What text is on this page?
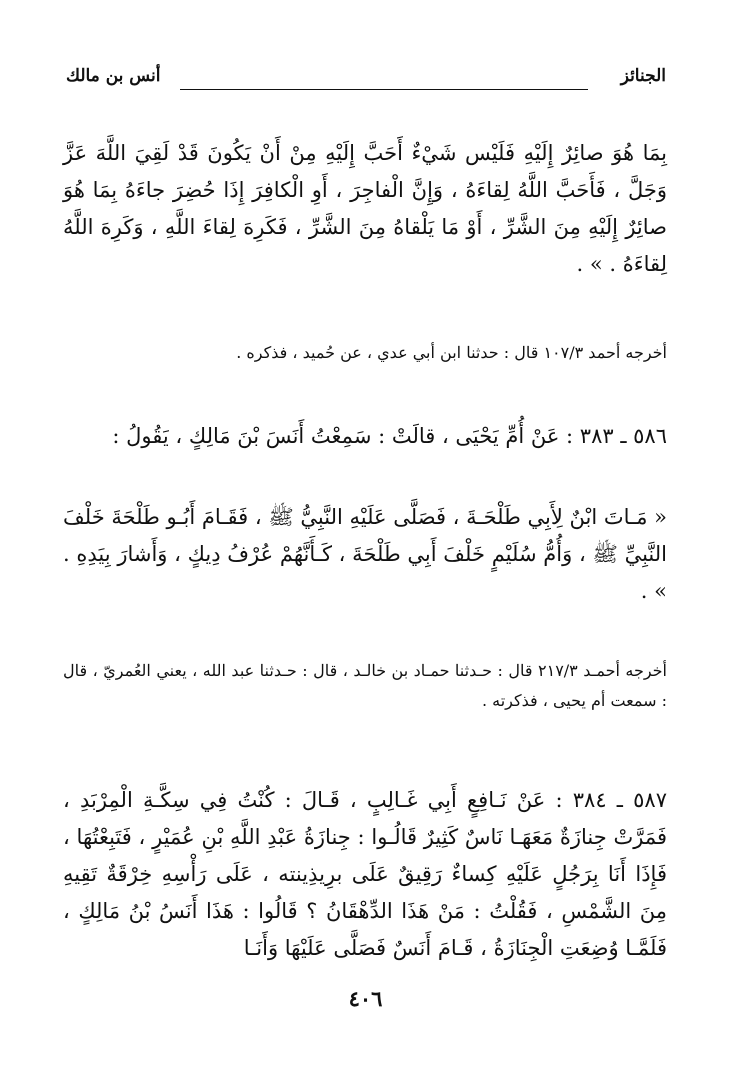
الجنائز
أنس بن مالك

بِمَا هُوَ صائِرٌ إِلَيْهِ فَلَيْس شَيْءٌ أَحَبَّ إِلَيْهِ مِنْ أَنْ يَكُونَ قَدْ لَقِيَ اللَّهَ عَزَّ وَجَلَّ ، فَأَحَبَّ اللَّهُ لِقاءَهُ ، وَإِنَّ الْفاجِرَ ، أَوِ الْكافِرَ إِذَا حُضِرَ جاءَهُ بِمَا هُوَ صائِرٌ إِلَيْهِ مِنَ الشَّرِّ ، أَوْ مَا يَلْقاهُ مِنَ الشَّرِّ ، فَكَرِهَ لِقاءَ اللَّهِ ، وَكَرِهَ اللَّهُ لِقاءَهُ . » .

أخرجه أحمد ١٠٧/٣ قال : حدثنا ابن أبي عدي ، عن حُميد ، فذكره .

٥٨٦ ـ ٣٨٣ : عَنْ أُمِّ يَحْيَى ، قالَتْ : سَمِعْتُ أَنَسَ بْنَ مَالِكٍ ، يَقُولُ :

« مَـاتَ ابْنٌ لِأَبِي طَلْحَـةَ ، فَصَلَّى عَلَيْهِ النَّبِيُّ ﷺ ، فَقَـامَ أَبُـو طَلْحَةَ خَلْفَ النَّبِيِّ ﷺ ، وَأُمُّ سُلَيْمٍ خَلْفَ أَبِي طَلْحَةَ ، كَـأَنَّهُمْ عُرْفُ دِيكٍ ، وَأَشارَ بِيَدِهِ . » .

أخرجه أحمـد ٢١٧/٣ قال : حـدثنا حمـاد بن خالـد ، قال : حـدثنا عبد الله ، يعني العُمريّ ، قال : سمعت أم يحيى ، فذكرته .

٥٨٧ ـ ٣٨٤ : عَنْ نَـافِعٍ أَبِي غَـالِبٍ ، قَـالَ : كُنْتُ فِي سِكَّـةِ الْمِرْبَدِ ، فَمَرَّتْ جِنازَةٌ مَعَهَـا نَاسٌ كَثِيرٌ قَالُـوا : جِنازَةُ عَبْدِ اللَّهِ بْنِ عُمَيْرٍ ، فَتَبِعْتُهَا ، فَإِذَا أَنَا بِرَجُلٍ عَلَيْهِ كِساءٌ رَقِيقٌ عَلَى برِيذِينته ، عَلَى رَأْسِهِ خِرْقَةٌ تَقِيهِ مِنَ الشَّمْسِ ، فَقُلْتُ : مَنْ هَذَا الدِّهْقَانُ ؟ قَالُوا : هَذَا أَنَسُ بْنُ مَالِكٍ ، فَلَمَّـا وُضِعَتِ الْجِنَازَةُ ، قَـامَ أَنَسٌ فَصَلَّى عَلَيْهَا وَأَنَـا

٤٠٦
